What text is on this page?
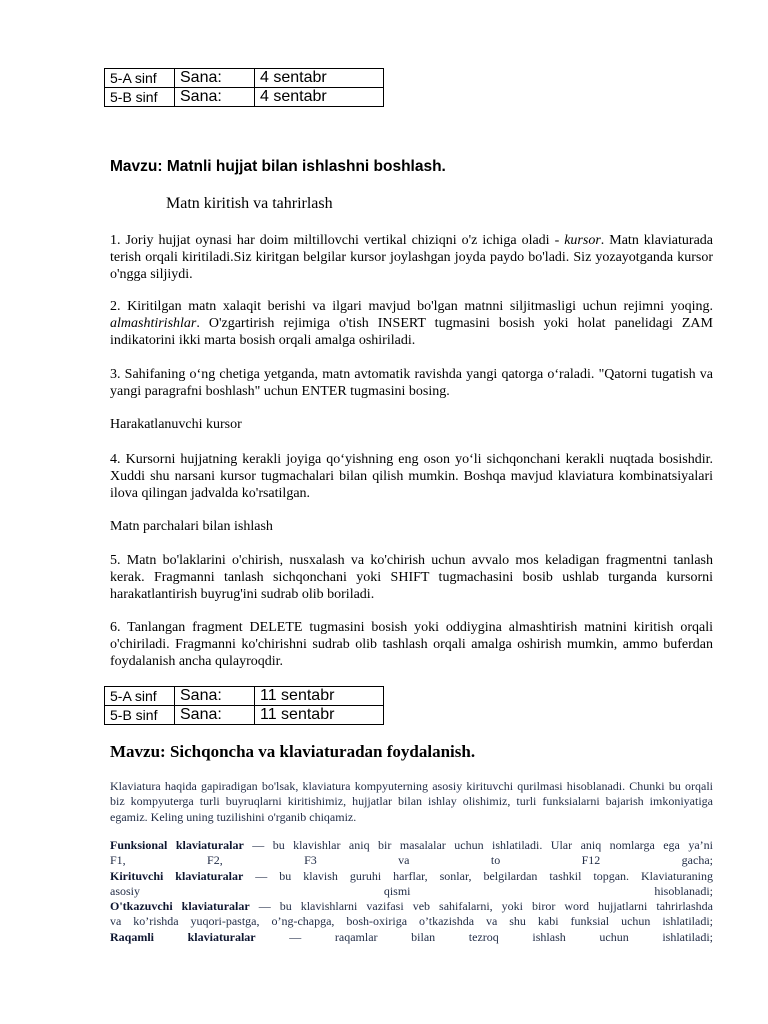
5-A sinf	Sana:	4 sentabr
5-B sinf	Sana:	4 sentabr
Mavzu: Matnli hujjat bilan ishlashni boshlash.

Matn kiritish va tahrirlash

1. Joriy hujjat oynasi har doim miltillovchi vertikal chiziqni o'z ichiga oladi - kursor. Matn klaviaturada terish orqali kiritiladi.Siz kiritgan belgilar kursor joylashgan joyda paydo bo'ladi. Siz yozayotganda kursor o'ngga siljiydi.

2. Kiritilgan matn xalaqit berishi va ilgari mavjud bo'lgan matnni siljitmasligi uchun rejimni yoqing. almashtirishlar. O'zgartirish rejimiga o'tish INSERT tugmasini bosish yoki holat panelidagi ZAM indikatorini ikki marta bosish orqali amalga oshiriladi.

3. Sahifaning o‘ng chetiga yetganda, matn avtomatik ravishda yangi qatorga o‘raladi. "Qatorni tugatish va yangi paragrafni boshlash" uchun ENTER tugmasini bosing.

Harakatlanuvchi kursor

4. Kursorni hujjatning kerakli joyiga qo‘yishning eng oson yo‘li sichqonchani kerakli nuqtada bosishdir. Xuddi shu narsani kursor tugmachalari bilan qilish mumkin. Boshqa mavjud klaviatura kombinatsiyalari ilova qilingan jadvalda ko'rsatilgan.

Matn parchalari bilan ishlash

5. Matn bo'laklarini o'chirish, nusxalash va ko'chirish uchun avvalo mos keladigan fragmentni tanlash kerak. Fragmanni tanlash sichqonchani yoki SHIFT tugmachasini bosib ushlab turganda kursorni harakatlantirish buyrug'ini sudrab olib boriladi.

6. Tanlangan fragment DELETE tugmasini bosish yoki oddiygina almashtirish matnini kiritish orqali o'chiriladi. Fragmanni ko'chirishni sudrab olib tashlash orqali amalga oshirish mumkin, ammo buferdan foydalanish ancha qulayroqdir.

5-A sinf	Sana:	11 sentabr
5-B sinf	Sana:	11 sentabr
Mavzu: Sichqoncha va klaviaturadan foydalanish.

Klaviatura haqida gapiradigan bo'lsak, klaviatura kompyuterning asosiy kirituvchi qurilmasi hisoblanadi. Chunki bu orqali biz kompyuterga turli buyruqlarni kiritishimiz, hujjatlar bilan ishlay olishimiz, turli funksialarni bajarish imkoniyatiga egamiz. Keling uning tuzilishini o'rganib chiqamiz.

Funksional klaviaturalar — bu klavishlar aniq bir masalalar uchun ishlatiladi. Ular aniq nomlarga ega ya’ni
F1, F2, F3 va to F12 gacha;
Kirituvchi klaviaturalar — bu klavish guruhi harflar, sonlar, belgilardan tashkil topgan. Klaviaturaning
asosiy qismi hisoblanadi;
O'tkazuvchi klaviaturalar — bu klavishlarni vazifasi veb sahifalarni, yoki biror word hujjatlarni tahrirlashda
va ko’rishda yuqori-pastga, o’ng-chapga, bosh-oxiriga o’tkazishda va shu kabi funksial uchun ishlatiladi;
Raqamli klaviaturalar — raqamlar bilan tezroq ishlash uchun ishlatiladi;
